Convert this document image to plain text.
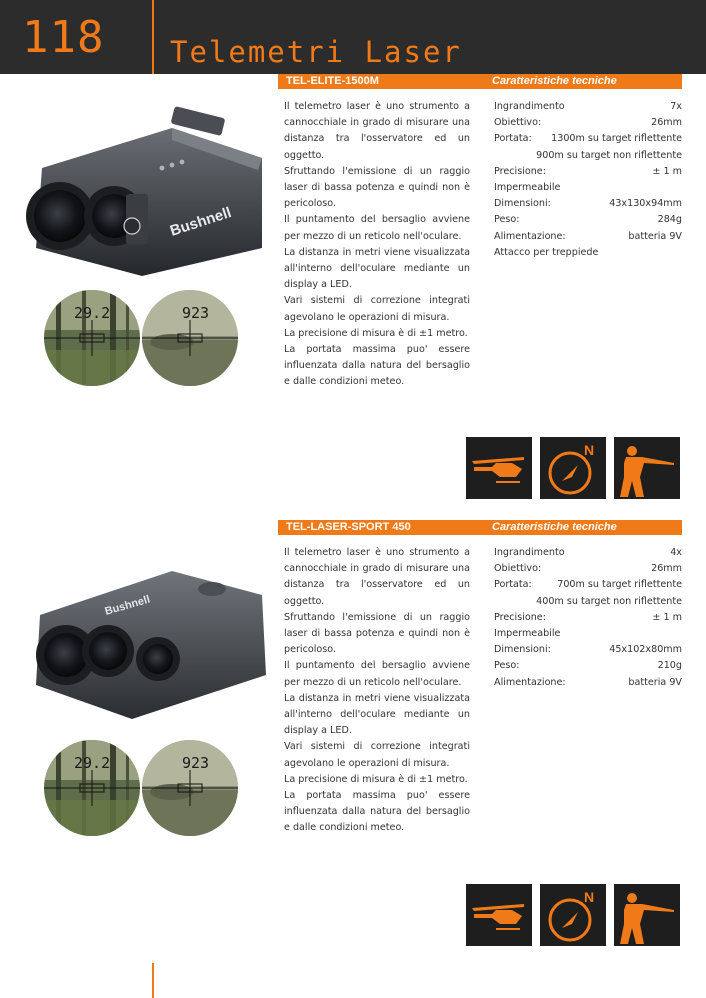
118 Telemetri Laser
TEL-ELITE-1500M	Caratteristiche tecniche
Bushnell
29.2	923

Il telemetro laser è uno strumento a cannocchiale in grado di misurare una distanza tra l'osservatore ed un oggetto.

Sfruttando l'emissione di un raggio laser di bassa potenza e quindi non è pericoloso.

Il puntamento del bersaglio avviene per mezzo di un reticolo nell'oculare.

La distanza in metri viene visualizzata all'interno dell'oculare mediante un display a LED.

Vari sistemi di correzione integrati agevolano le operazioni di misura.

La precisione di misura è di ±1 metro.

La portata massima puo' essere influenzata dalla natura del bersaglio e dalle condizioni meteo.

Ingrandimento	7x
Obiettivo:	26mm
Portata: 1300m su target riflettente
900m su target non riflettente
Precisione:	± 1 m
Impermeabile
Dimensioni:	43x130x94mm
Peso:	284g
Alimentazione:	batteria 9V
Attacco per treppiede
N
TEL-LASER-SPORT 450	Caratteristiche tecniche
Bushnell
29.2	923

Il telemetro laser è uno strumento a cannocchiale in grado di misurare una distanza tra l'osservatore ed un oggetto.

Sfruttando l'emissione di un raggio laser di bassa potenza e quindi non è pericoloso.

Il puntamento del bersaglio avviene per mezzo di un reticolo nell'oculare.

La distanza in metri viene visualizzata all'interno dell'oculare mediante un display a LED.

Vari sistemi di correzione integrati agevolano le operazioni di misura.

La precisione di misura è di ±1 metro.

La portata massima puo' essere influenzata dalla natura del bersaglio e dalle condizioni meteo.

Ingrandimento	4x
Obiettivo:	26mm
Portata:	700m su target riflettente
400m su target non riflettente
Precisione:	± 1 m
Impermeabile
Dimensioni:	45x102x80mm
Peso:	210g
Alimentazione:	batteria 9V
N
